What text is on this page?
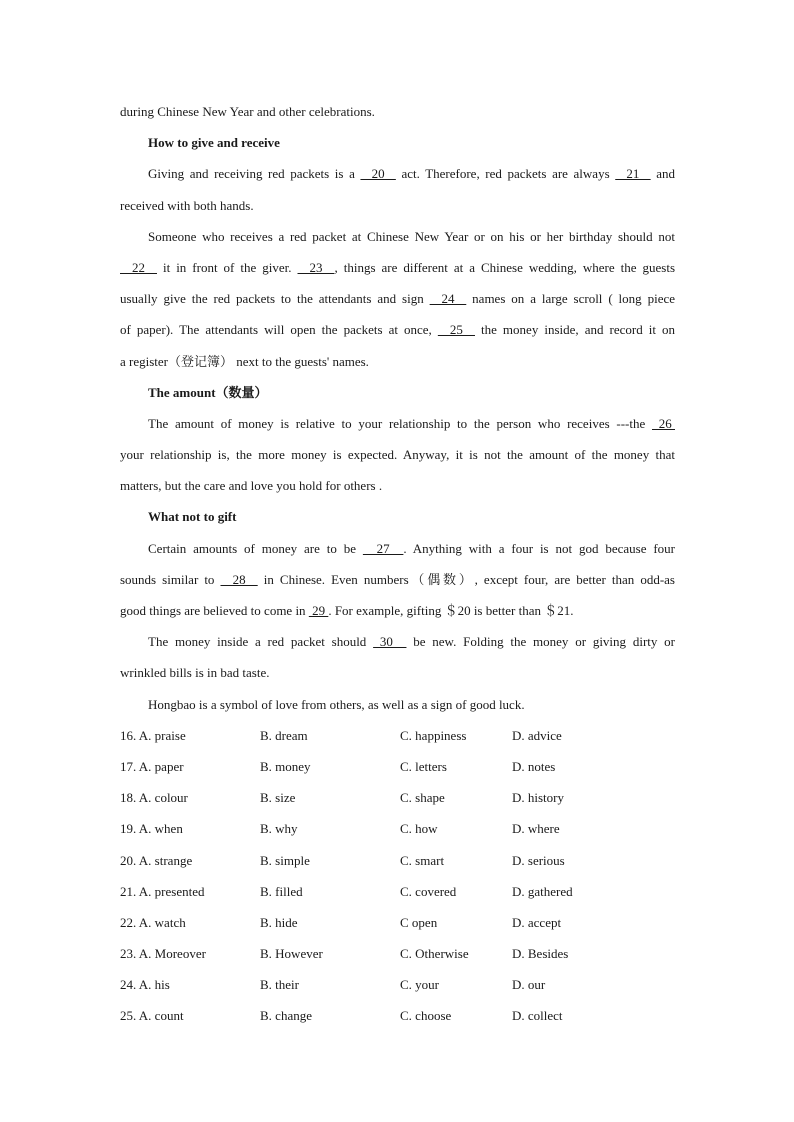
during Chinese New Year and other celebrations.
How to give and receive
Giving and receiving red packets is a   20   act. Therefore, red packets are always   21   and
received with both hands.
Someone who receives a red packet at Chinese New Year or on his or her birthday should not
22   it in front of the giver.   23  , things are different at a Chinese wedding, where the guests
usually give the red packets to the attendants and sign   24   names on a large scroll ( long piece
of paper). The attendants will open the packets at once,   25   the money inside, and record it on
a register（登记簿） next to the guests' names.
The amount（数量）
The amount of money is relative to your relationship to the person who receives ---the  26
your relationship is, the more money is expected. Anyway, it is not the amount of the money that
matters, but the care and love you hold for others .
What not to gift
Certain amounts of money are to be   27  . Anything with a four is not god because four
sounds similar to   28   in Chinese. Even numbers（偶数）, except four, are better than odd-as
good things are believed to come in  29 . For example, gifting ＄20 is better than ＄21.
The money inside a red packet should  30   be new. Folding the money or giving dirty or
wrinkled bills is in bad taste.
Hongbao is a symbol of love from others, as well as a sign of good luck.
16. A. praise	B. dream	C. happiness	D. advice
17. A. paper	B. money	C. letters	D. notes
18. A. colour	B. size	C. shape	D. history
19. A. when	B. why	C. how	D. where
20. A. strange	B. simple	C. smart	D. serious
21. A. presented	B. filled	C. covered	D. gathered
22. A. watch	B. hide	C open	D. accept
23. A. Moreover	B. However	C. Otherwise	D. Besides
24. A. his	B. their	C. your	D. our
25. A. count	B. change	C. choose	D. collect
